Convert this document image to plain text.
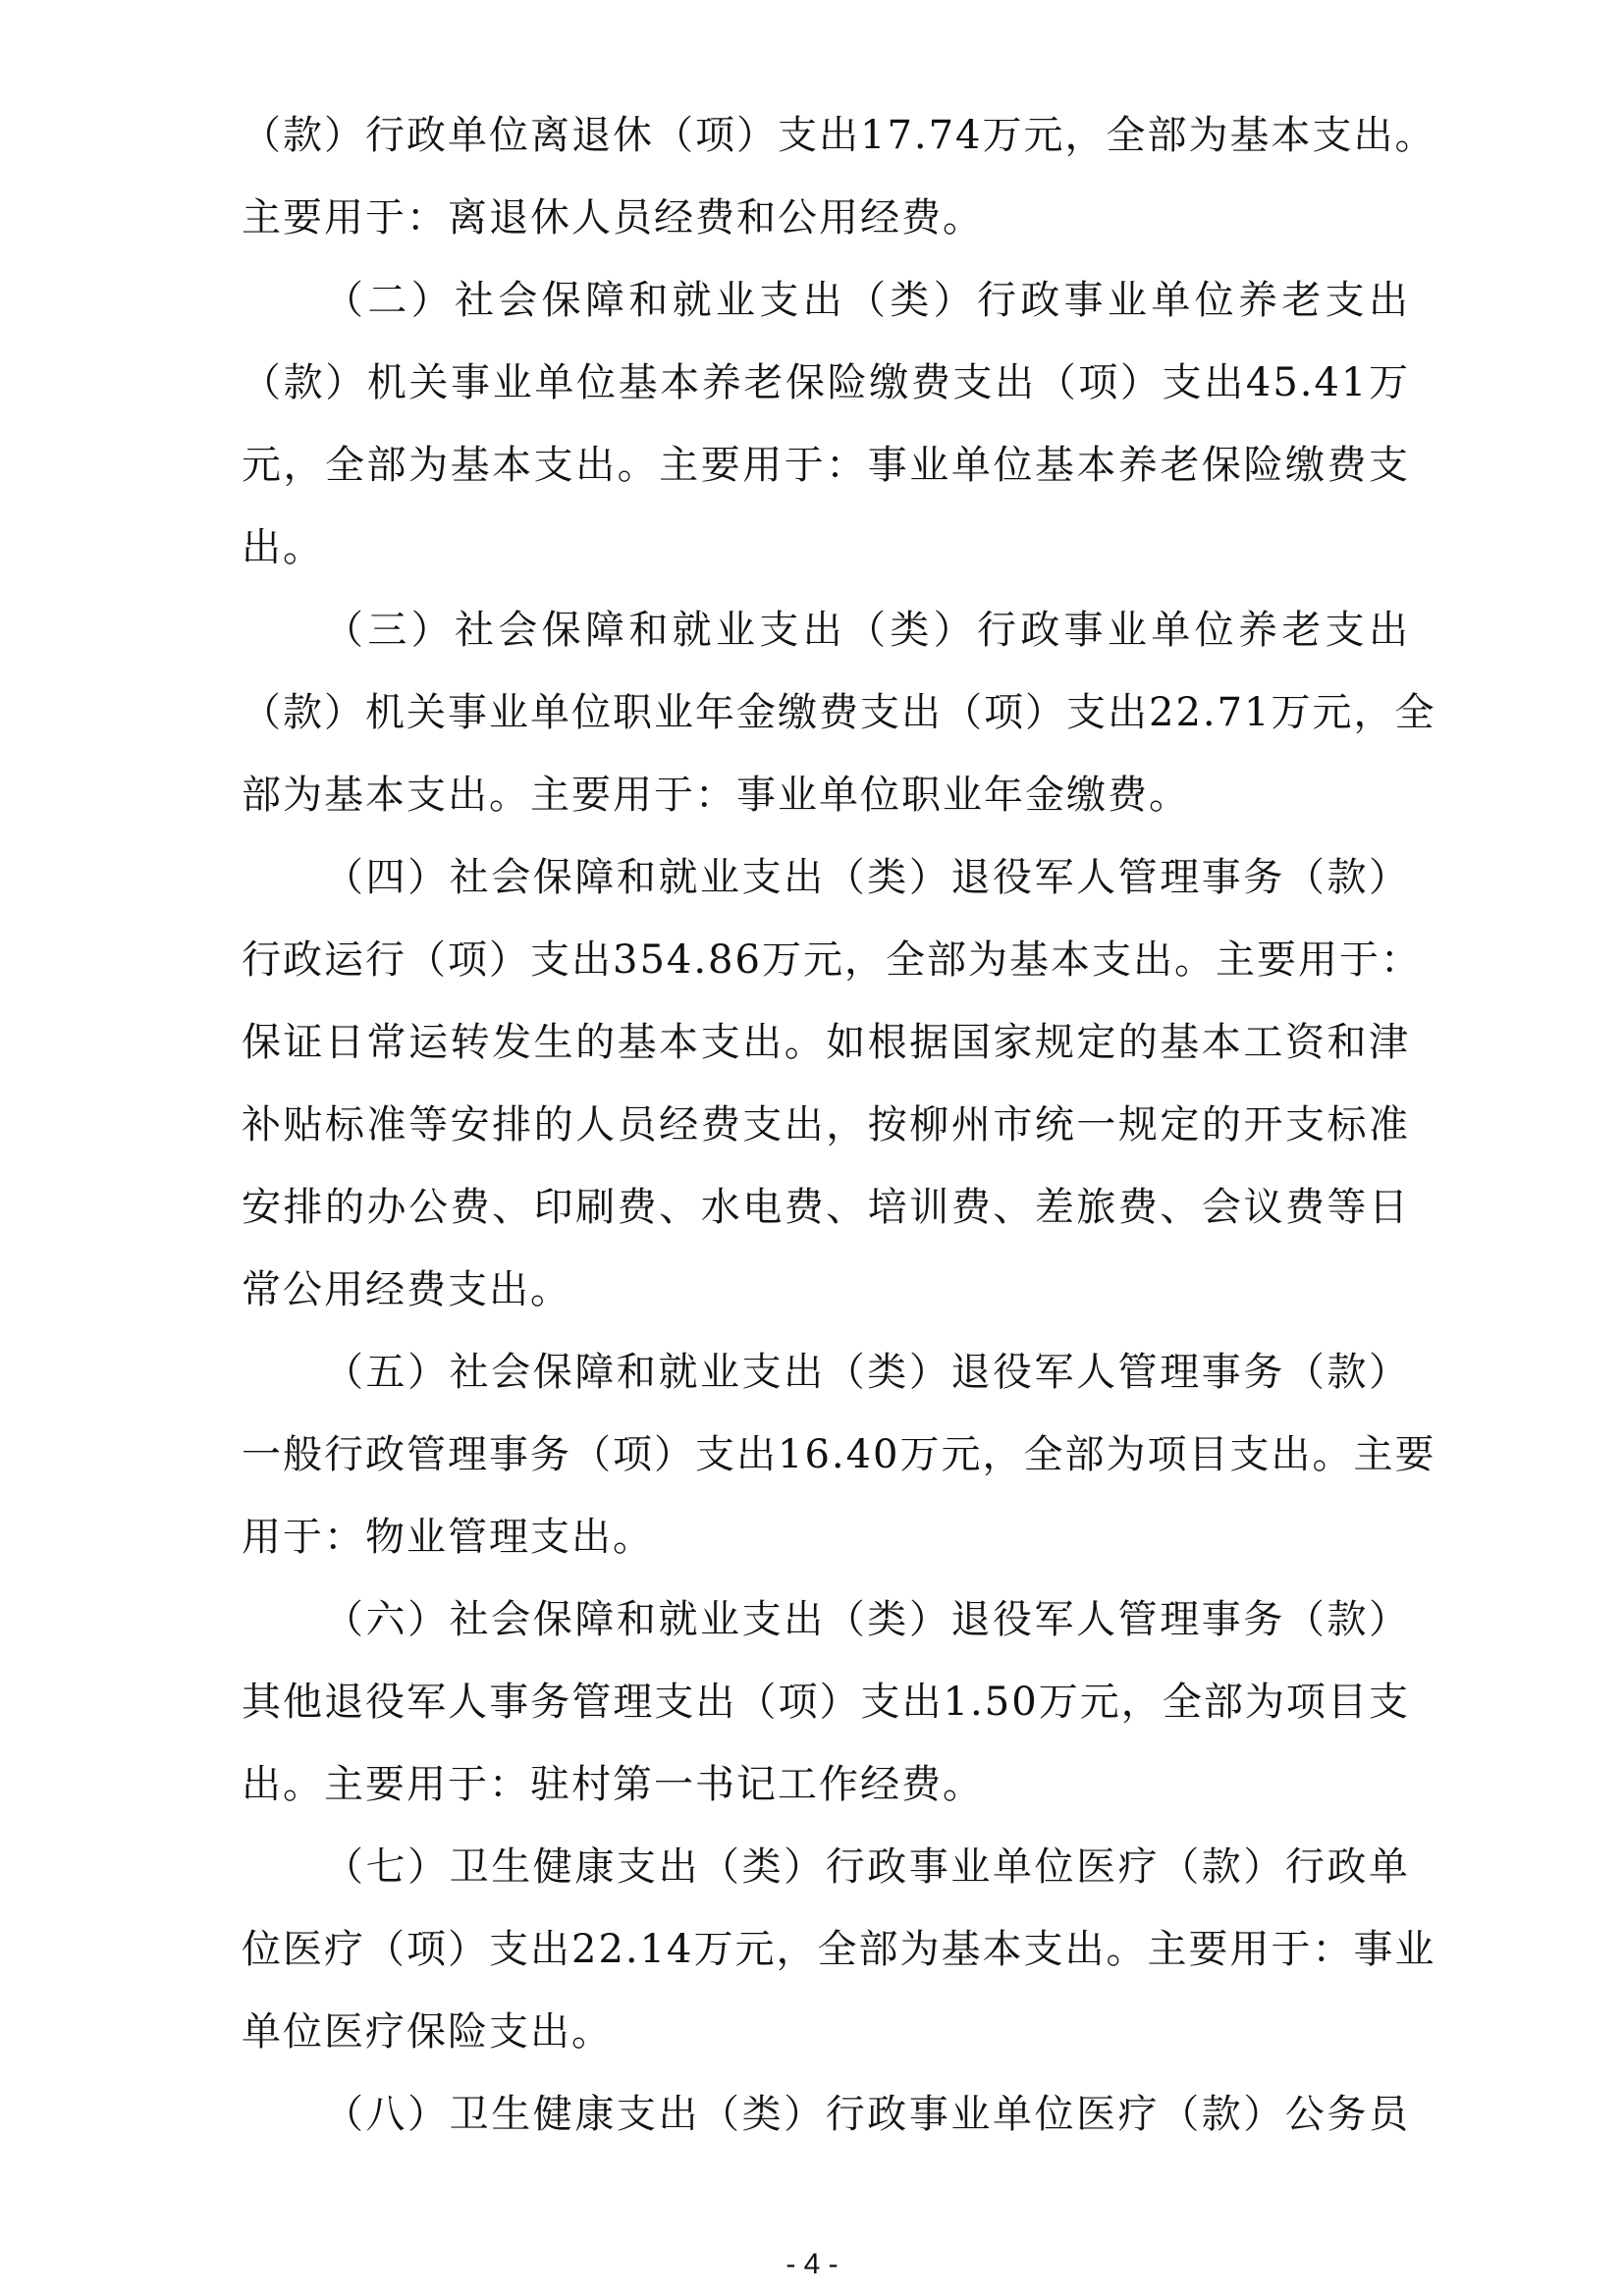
（款）行政单位离退休（项）支出17.74万元，全部为基本支出。
主要用于：离退休人员经费和公用经费。
（二）社会保障和就业支出（类）行政事业单位养老支出
（款）机关事业单位基本养老保险缴费支出（项）支出45.41万
元，全部为基本支出。主要用于：事业单位基本养老保险缴费支
出。
（三）社会保障和就业支出（类）行政事业单位养老支出
（款）机关事业单位职业年金缴费支出（项）支出22.71万元，全
部为基本支出。主要用于：事业单位职业年金缴费。
（四）社会保障和就业支出（类）退役军人管理事务（款）
行政运行（项）支出354.86万元，全部为基本支出。主要用于：
保证日常运转发生的基本支出。如根据国家规定的基本工资和津
补贴标准等安排的人员经费支出，按柳州市统一规定的开支标准
安排的办公费、印刷费、水电费、培训费、差旅费、会议费等日
常公用经费支出。
（五）社会保障和就业支出（类）退役军人管理事务（款）
一般行政管理事务（项）支出16.40万元，全部为项目支出。主要
用于：物业管理支出。
（六）社会保障和就业支出（类）退役军人管理事务（款）
其他退役军人事务管理支出（项）支出1.50万元，全部为项目支
出。主要用于：驻村第一书记工作经费。
（七）卫生健康支出（类）行政事业单位医疗（款）行政单
位医疗（项）支出22.14万元，全部为基本支出。主要用于：事业
单位医疗保险支出。
（八）卫生健康支出（类）行政事业单位医疗（款）公务员
- 4 -
